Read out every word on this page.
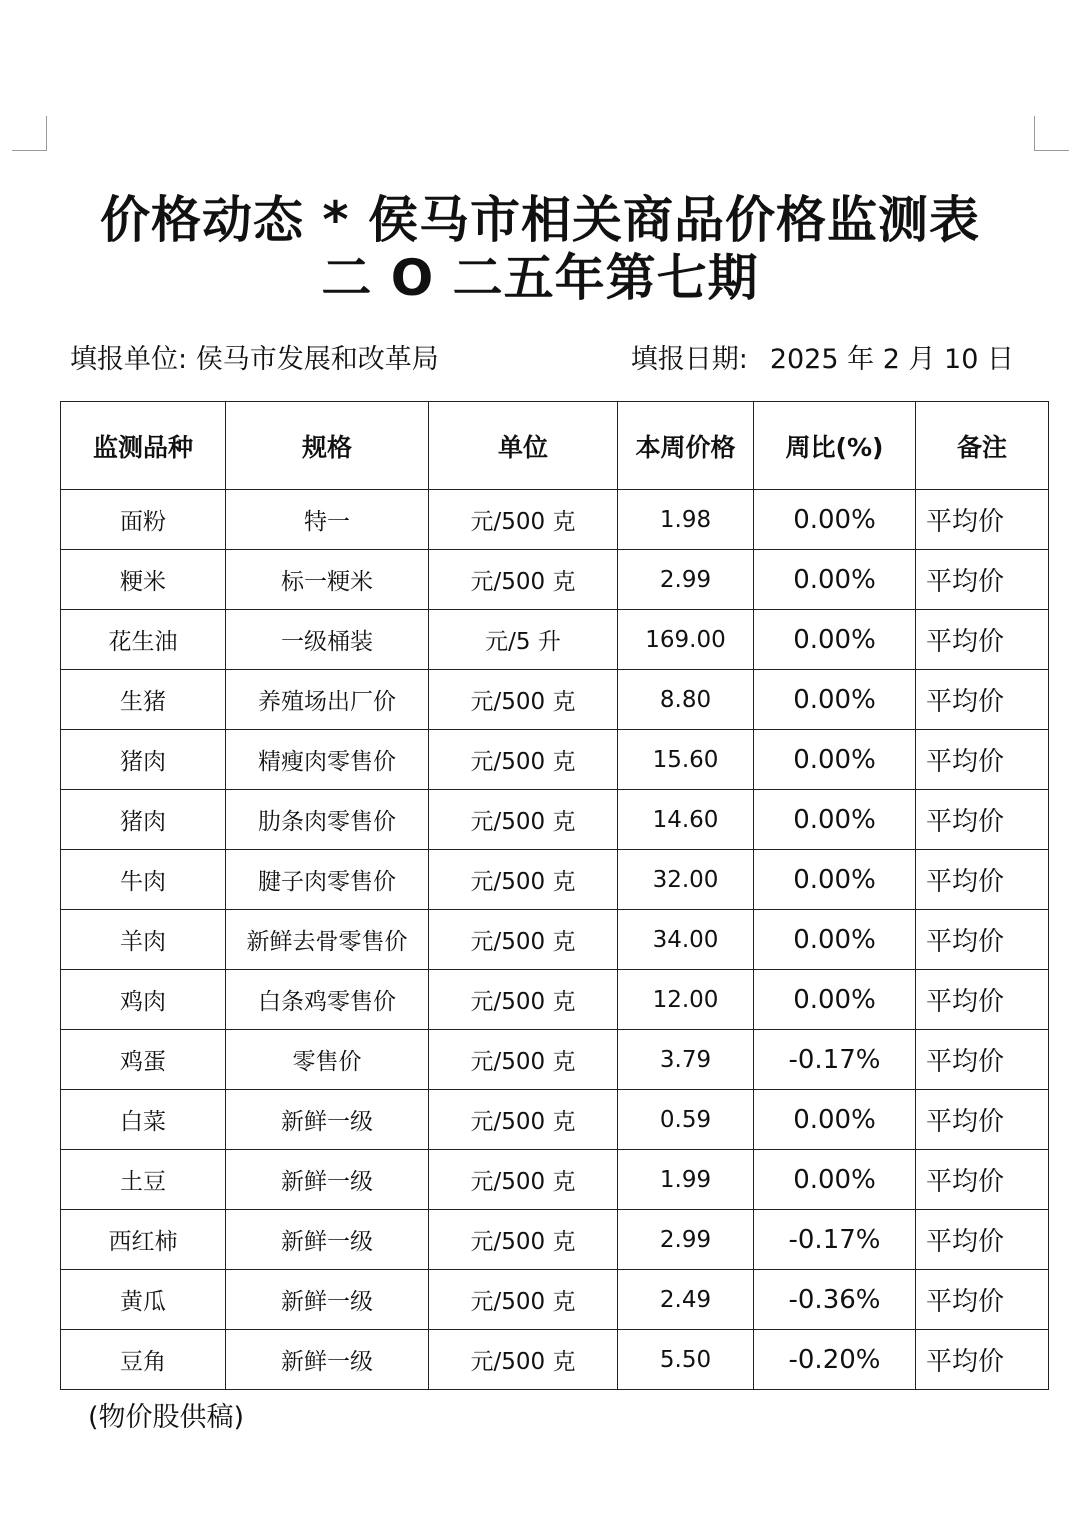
价格动态 * 侯马市相关商品价格监测表
二 O 二五年第七期
填报单位: 侯马市发展和改革局	填报日期: 2025 年 2 月 10 日
监测品种	规格	单位	本周价格	周比(%)	备注
面粉	特一	元/500 克	1.98	0.00%	平均价
粳米	标一粳米	元/500 克	2.99	0.00%	平均价
花生油	一级桶装	元/5 升	169.00	0.00%	平均价
生猪	养殖场出厂价	元/500 克	8.80	0.00%	平均价
猪肉	精瘦肉零售价	元/500 克	15.60	0.00%	平均价
猪肉	肋条肉零售价	元/500 克	14.60	0.00%	平均价
牛肉	腱子肉零售价	元/500 克	32.00	0.00%	平均价
羊肉	新鲜去骨零售价	元/500 克	34.00	0.00%	平均价
鸡肉	白条鸡零售价	元/500 克	12.00	0.00%	平均价
鸡蛋	零售价	元/500 克	3.79	-0.17%	平均价
白菜	新鲜一级	元/500 克	0.59	0.00%	平均价
土豆	新鲜一级	元/500 克	1.99	0.00%	平均价
西红柿	新鲜一级	元/500 克	2.99	-0.17%	平均价
黄瓜	新鲜一级	元/500 克	2.49	-0.36%	平均价
豆角	新鲜一级	元/500 克	5.50	-0.20%	平均价
(物价股供稿)
